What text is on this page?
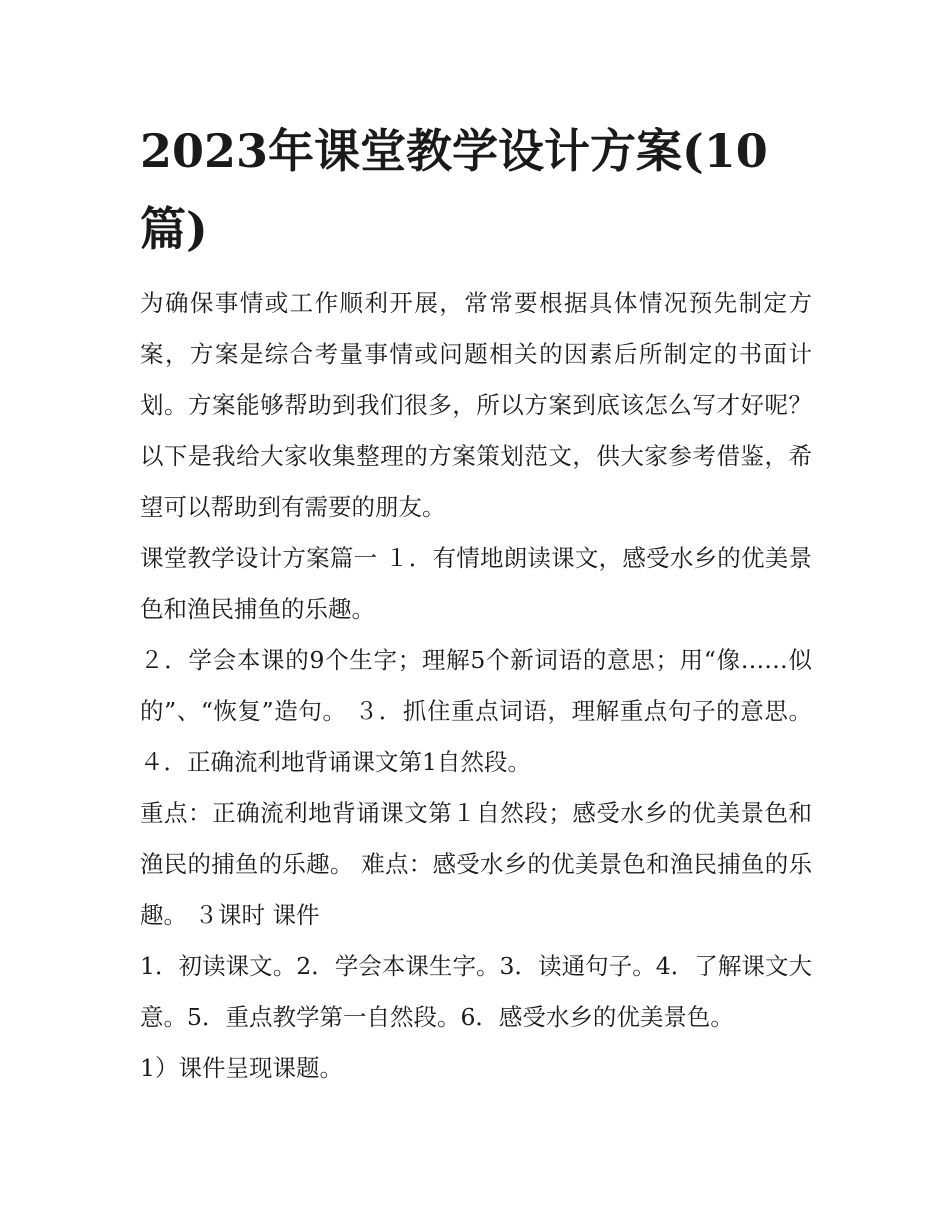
2023年课堂教学设计方案(10篇)

为确保事情或工作顺利开展，常常要根据具体情况预先制定方案，方案是综合考量事情或问题相关的因素后所制定的书面计划。方案能够帮助到我们很多，所以方案到底该怎么写才好呢？以下是我给大家收集整理的方案策划范文，供大家参考借鉴，希望可以帮助到有需要的朋友。

课堂教学设计方案篇一 １．有情地朗读课文，感受水乡的优美景色和渔民捕鱼的乐趣。

２．学会本课的9个生字；理解5个新词语的意思；用“像……似的”、“恢复”造句。 ３．抓住重点词语，理解重点句子的意思。 ４．正确流利地背诵课文第1自然段。

重点：正确流利地背诵课文第１自然段；感受水乡的优美景色和渔民的捕鱼的乐趣。 难点：感受水乡的优美景色和渔民捕鱼的乐趣。 ３课时 课件

1．初读课文。2．学会本课生字。3．读通句子。4．了解课文大意。5．重点教学第一自然段。6．感受水乡的优美景色。

1）课件呈现课题。
